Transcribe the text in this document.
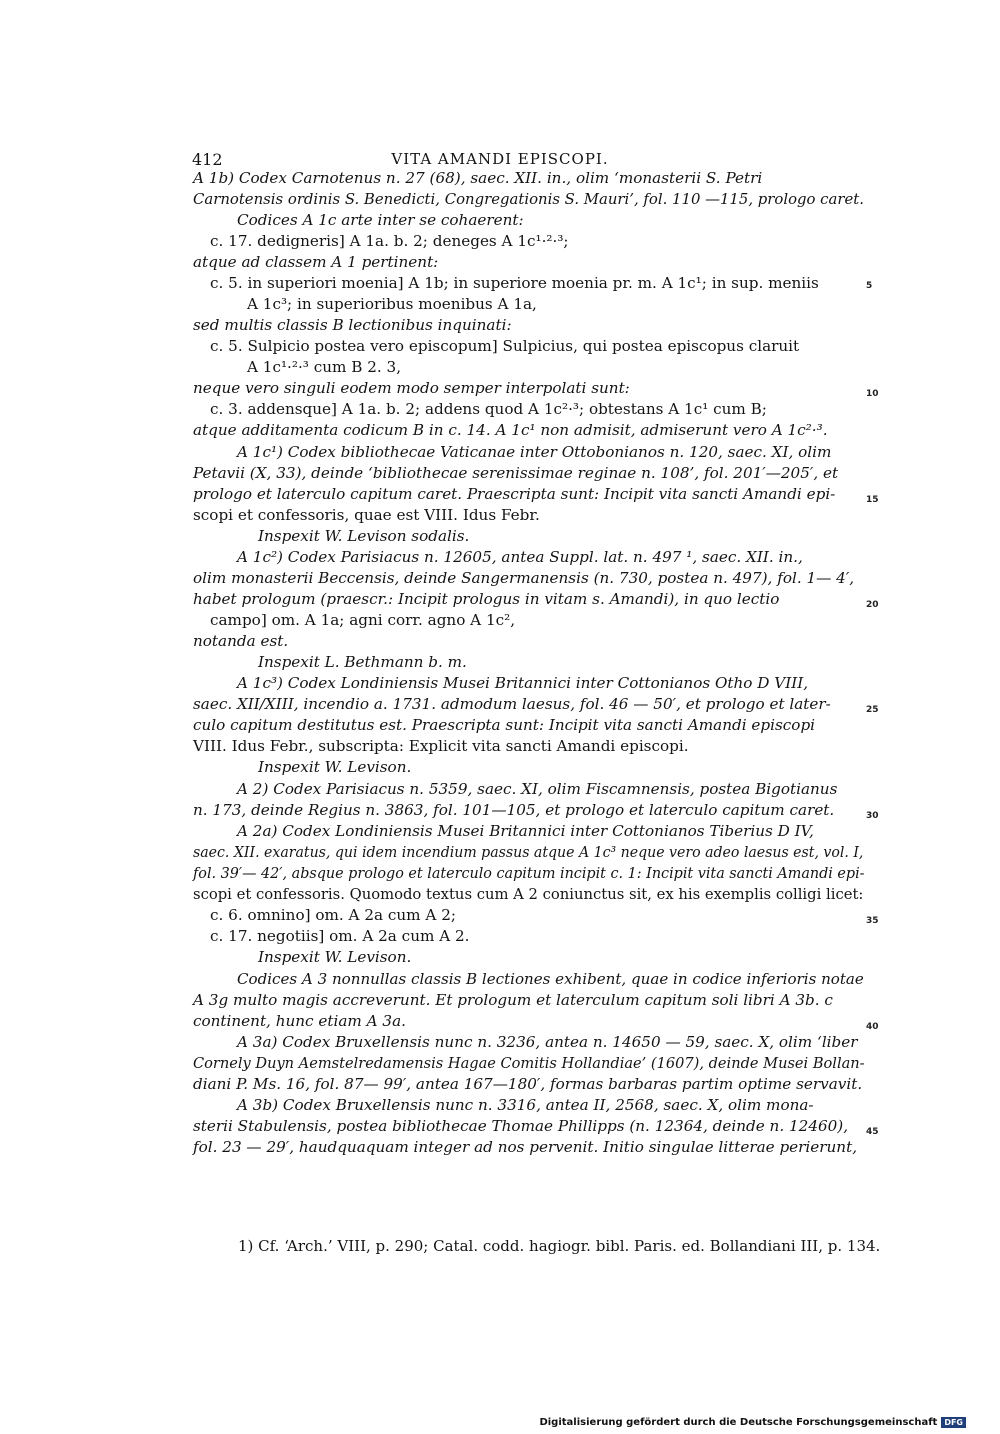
412	VITA AMANDI EPISCOPI.
A 1b) Codex Carnotenus n. 27 (68), saec. XII. in., olim ‘monasterii S. Petri
Carnotensis ordinis S. Benedicti, Congregationis S. Mauri’, fol. 110 —115, prologo caret.
Codices A 1c arte inter se cohaerent:
c. 17. dedigneris] A 1a. b. 2; deneges A 1c¹·²·³;
atque ad classem A 1 pertinent:
c. 5. in superiori moenia] A 1b; in superiore moenia pr. m. A 1c¹; in sup. meniis
A 1c³; in superioribus moenibus A 1a,
sed multis classis B lectionibus inquinati:
c. 5. Sulpicio postea vero episcopum] Sulpicius, qui postea episcopus claruit
A 1c¹·²·³ cum B 2. 3,
neque vero singuli eodem modo semper interpolati sunt:
c. 3. addensque] A 1a. b. 2; addens quod A 1c²·³; obtestans A 1c¹ cum B;
atque additamenta codicum B in c. 14. A 1c¹ non admisit, admiserunt vero A 1c²·³.
A 1c¹) Codex bibliothecae Vaticanae inter Ottobonianos n. 120, saec. XI, olim
Petavii (X, 33), deinde ‘bibliothecae serenissimae reginae n. 108’, fol. 201′—205′, et
prologo et laterculo capitum caret. Praescripta sunt: Incipit vita sancti Amandi epi-
scopi et confessoris, quae est VIII. Idus Febr.
Inspexit W. Levison sodalis.
A 1c²) Codex Parisiacus n. 12605, antea Suppl. lat. n. 497 ¹, saec. XII. in.,
olim monasterii Beccensis, deinde Sangermanensis (n. 730, postea n. 497), fol. 1— 4′,
habet prologum (praescr.: Incipit prologus in vitam s. Amandi), in quo lectio
campo] om. A 1a; agni corr. agno A 1c²,
notanda est.
Inspexit L. Bethmann b. m.
A 1c³) Codex Londiniensis Musei Britannici inter Cottonianos Otho D VIII,
saec. XII/XIII, incendio a. 1731. admodum laesus, fol. 46 — 50′, et prologo et later-
culo capitum destitutus est. Praescripta sunt: Incipit vita sancti Amandi episcopi
VIII. Idus Febr., subscripta: Explicit vita sancti Amandi episcopi.
Inspexit W. Levison.
A 2) Codex Parisiacus n. 5359, saec. XI, olim Fiscamnensis, postea Bigotianus
n. 173, deinde Regius n. 3863, fol. 101—105, et prologo et laterculo capitum caret.
A 2a) Codex Londiniensis Musei Britannici inter Cottonianos Tiberius D IV,
saec. XII. exaratus, qui idem incendium passus atque A 1c³ neque vero adeo laesus est, vol. I,
fol. 39′— 42′, absque prologo et laterculo capitum incipit c. 1: Incipit vita sancti Amandi epi-
scopi et confessoris. Quomodo textus cum A 2 coniunctus sit, ex his exemplis colligi licet:
c. 6. omnino] om. A 2a cum A 2;
c. 17. negotiis] om. A 2a cum A 2.
Inspexit W. Levison.
Codices A 3 nonnullas classis B lectiones exhibent, quae in codice inferioris notae
A 3g multo magis accreverunt. Et prologum et laterculum capitum soli libri A 3b. c
continent, hunc etiam A 3a.
A 3a) Codex Bruxellensis nunc n. 3236, antea n. 14650 — 59, saec. X, olim ‘liber
Cornely Duyn Aemstelredamensis Hagae Comitis Hollandiae’ (1607), deinde Musei Bollan-
diani P. Ms. 16, fol. 87— 99′, antea 167—180′, formas barbaras partim optime servavit.
A 3b) Codex Bruxellensis nunc n. 3316, antea II, 2568, saec. X, olim mona-
sterii Stabulensis, postea bibliothecae Thomae Phillipps (n. 12364, deinde n. 12460),
fol. 23 — 29′, haudquaquam integer ad nos pervenit. Initio singulae litterae perierunt,
5
10
15
20
25
30
35
40
45
1) Cf. ‘Arch.’ VIII, p. 290; Catal. codd. hagiogr. bibl. Paris. ed. Bollandiani III, p. 134.
Digitalisierung gefördert durch die Deutsche Forschungsgemeinschaft DFG
